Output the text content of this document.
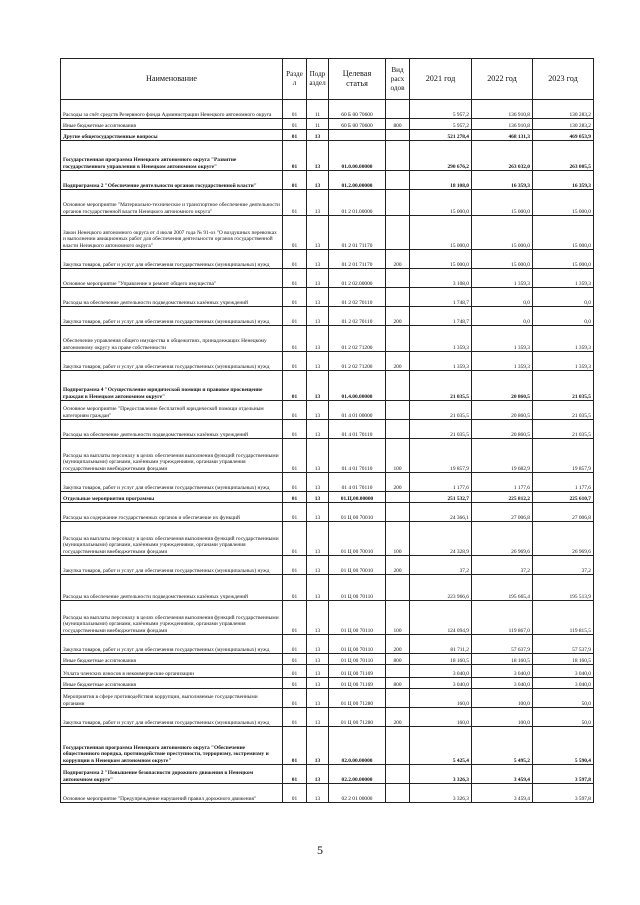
Наименование	Разде л	Подр аздел	Целевая статья	Вид расх одов	2021 год	2022 год	2023 год
Расходы за счёт средств Резервного фонда Администрации Ненецкого автономного округа	01	11	60 Б 00 70600		5 957,2	136 910,8	130 283,2
Иные бюджетные ассигнования	01	11	60 Б 00 70600	800	5 957,2	136 910,8	130 283,2
Другие общегосударственные вопросы	01	13			521 278,4	468 131,3	469 053,9
Государственная программа Ненецкого автономного округа "Развитие государственного управления в Ненецком автономном округе"	01	13	01.0.00.00000		290 676,2	263 032,0	263 005,5
Подпрограмма 2 "Обеспечение деятельности органов государственной власти"	01	13	01.2.00.00000		18 108,0	16 359,3	16 359,3
Основное мероприятие "Материально-техническое и транспортное обеспечение деятельности органов государственной власти Ненецкого автономного округа"	01	13	01 2 01.00000		15 000,0	15 000,0	15 000,0
Закон Ненецкого автономного округа от 4 июля 2007 года № 91-оз "О воздушных перевозках и выполнении авиационных работ для обеспечения деятельности органов государственной власти Ненецкого автономного округа"	01	13	01 2 01 71170		15 000,0	15 000,0	15 000,0
Закупка товаров, работ и услуг для обеспечения государственных (муниципальных) нужд	01	13	01 2 01 71170	200	15 000,0	15 000,0	15 000,0
Основное мероприятие "Управление и ремонт общего имущества"	01	13	01 2 02.00000		3 108,0	1 359,3	1 359,3
Расходы на обеспечение деятельности подведомственных казённых учреждений	01	13	01 2 02 70110		1 748,7	0,0	0,0
Закупка товаров, работ и услуг для обеспечения государственных (муниципальных) нужд	01	13	01 2 02 70110	200	1 748,7	0,0	0,0
Обеспечение управления общего имущества в общежитиях, принадлежащих Ненецкому автономному округу на праве собственности	01	13	01 2 02 71200		1 359,3	1 359,3	1 359,3
Закупка товаров, работ и услуг для обеспечения государственных (муниципальных) нужд	01	13	01 2 02 71200	200	1 359,3	1 359,3	1 359,3
Подпрограмма 4 "Осуществление юридической помощи и правовое просвещение граждан в Ненецком автономном округе"	01	13	01.4.00.00000		21 035,5	20 860,5	21 035,5
Основное мероприятие "Предоставление бесплатной юридической помощи отдельным категориям граждан"	01	13	01 4 01 00000		21 035,5	20 860,5	21 035,5
Расходы на обеспечение деятельности подведомственных казённых учреждений	01	13	01 4 01 70110		21 035,5	20 860,5	21 035,5
Расходы на выплаты персоналу в целях обеспечения выполнения функций государственными (муниципальными) органами, казёнными учреждениями, органами управления государственными внебюджетными фондами	01	13	01 4 01 70110	100	19 857,9	19 682,9	19 857,9
Закупка товаров, работ и услуг для обеспечения государственных (муниципальных) нужд	01	13	01 4 01 70110	200	1 177,6	1 177,6	1 177,6
Отдельные мероприятия программы	01	13	01.Ц.00.00000		251 532,7	225 812,2	225 610,7
Расходы на содержание государственных органов и обеспечение их функций	01	13	01 Ц 00 70010		24 366,1	27 006,8	27 006,8
Расходы на выплаты персоналу в целях обеспечения выполнения функций государственными (муниципальными) органами, казёнными учреждениями, органами управления государственными внебюджетными фондами	01	13	01 Ц 00 70010	100	24 328,9	26 969,6	26 969,6
Закупка товаров, работ и услуг для обеспечения государственных (муниципальных) нужд	01	13	01 Ц 00 70010	200	37,2	37,2	37,2
Расходы на обеспечение деятельности подведомственных казённых учреждений	01	13	01 Ц 00 70110		223 966,6	195 665,4	195 513,9
Расходы на выплаты персоналу в целях обеспечения выполнения функций государственными (муниципальными) органами, казёнными учреждениями, органами управления государственными внебюджетными фондами	01	13	01 Ц 00 70110	100	124 094,9	119 867,0	119 815,5
Закупка товаров, работ и услуг для обеспечения государственных (муниципальных) нужд	01	13	01 Ц 00 70110	200	81 711,2	57 637,9	57 537,9
Иные бюджетные ассигнования	01	13	01 Ц 00 70110	800	18 160,5	18 160,5	18 160,5
Уплата членских взносов в некоммерческие организации	01	13	01 Ц 00 71169		3 040,0	3 040,0	3 040,0
Иные бюджетные ассигнования	01	13	01 Ц 00 71169	800	3 040,0	3 040,0	3 040,0
Мероприятия в сфере противодействия коррупции, выполняемые государственными органами	01	13	01 Ц 00 71280		160,0	100,0	50,0
Закупка товаров, работ и услуг для обеспечения государственных (муниципальных) нужд	01	13	01 Ц 00 71280	200	160,0	100,0	50,0
Государственная программа Ненецкого автономного округа "Обеспечение общественного порядка, противодействие преступности, терроризму, экстремизму и коррупции в Ненецком автономном округе"	01	13	02.0.00.00000		5 425,4	5 495,2	5 590,4
Подпрограмма 2 "Повышение безопасности дорожного движения в Ненецком автономном округе"	01	13	02.2.00.00000		3 326,3	3 459,4	3 597,8
Основное мероприятие "Предупреждение нарушений правил дорожного движения"	01	13	02 2 01 00000		3 326,3	3 459,4	3 597,8
5
